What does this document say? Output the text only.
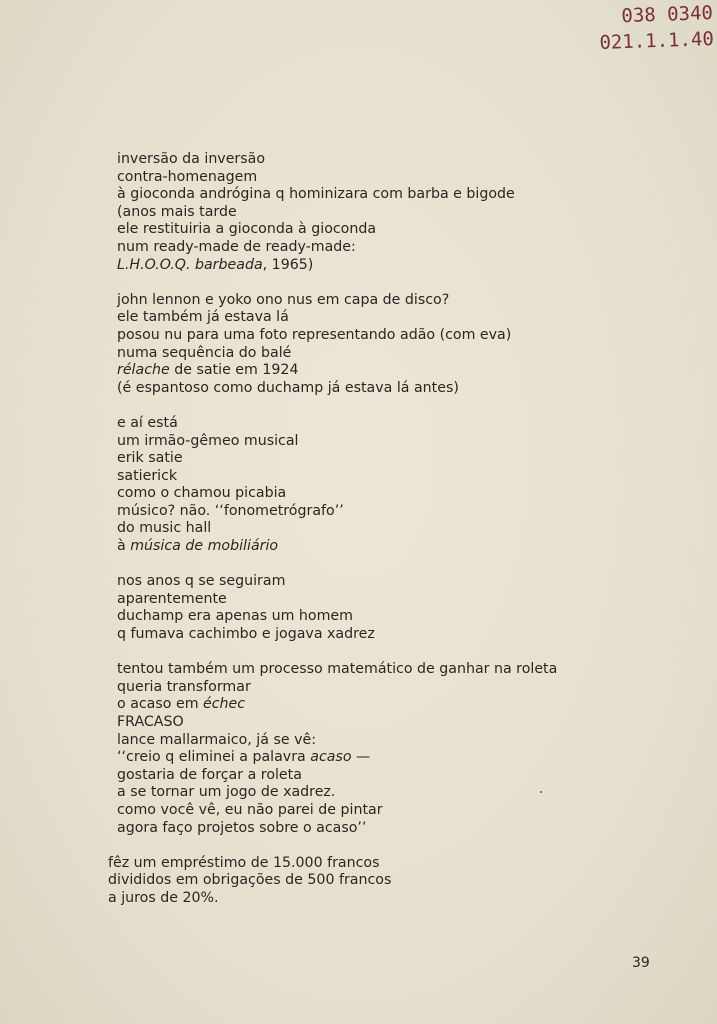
038 0340
021.1.1.40
inversão da inversão
contra-homenagem
à gioconda andrógina q hominizara com barba e bigode
(anos mais tarde
ele restituiria a gioconda à gioconda
num ready-made de ready-made:
L.H.O.O.Q. barbeada, 1965)
john lennon e yoko ono nus em capa de disco?
ele também já estava lá
posou nu para uma foto representando adão (com eva)
numa sequência do balé
rélache de satie em 1924
(é espantoso como duchamp já estava lá antes)
e aí está
um irmão-gêmeo musical
erik satie
satierick
como o chamou picabia
músico? não. ‘‘fonometrógrafo’’
do music hall
à música de mobiliário
nos anos q se seguiram
aparentemente
duchamp era apenas um homem
q fumava cachimbo e jogava xadrez
tentou também um processo matemático de ganhar na roleta
queria transformar
o acaso em échec
FRACASO
lance mallarmaico, já se vê:
‘‘creio q eliminei a palavra acaso —
gostaria de forçar a roleta
a se tornar um jogo de xadrez.
como você vê, eu não parei de pintar
agora faço projetos sobre o acaso’’
fêz um empréstimo de 15.000 francos
divididos em obrigações de 500 francos
a juros de 20%.
39
